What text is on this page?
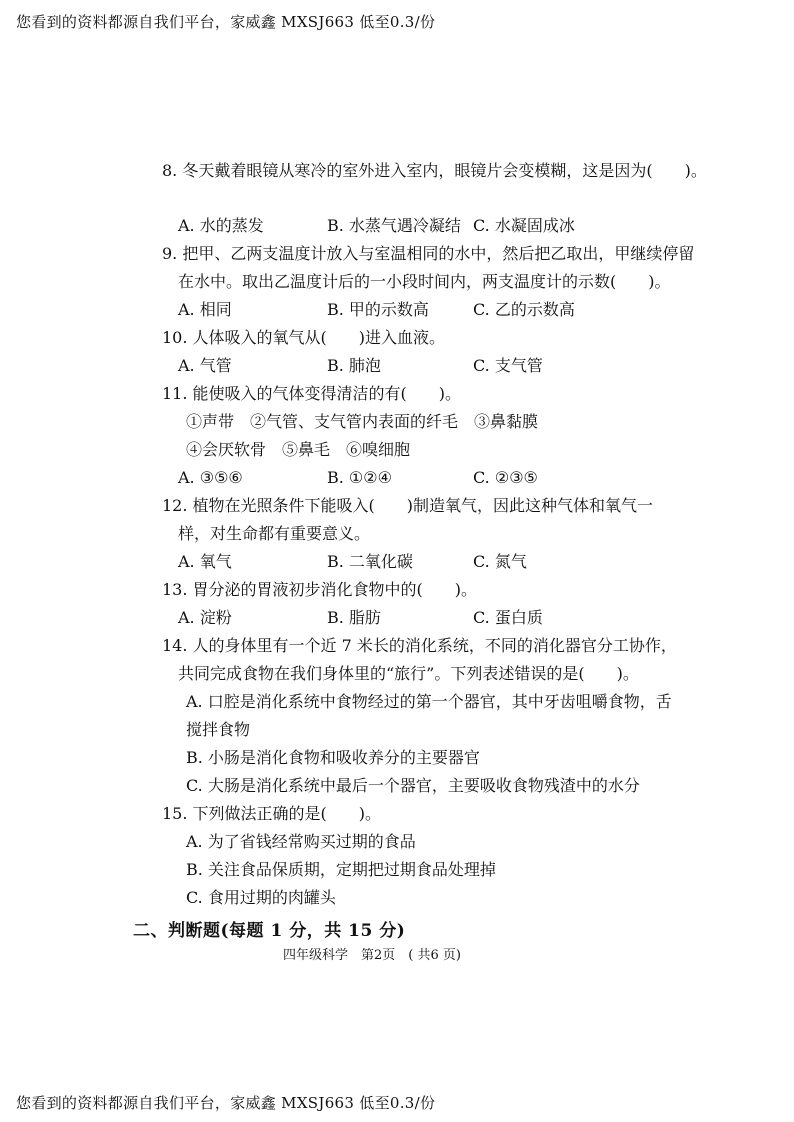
您看到的资料都源自我们平台，家威鑫 MXSJ663 低至0.3/份
8. 冬天戴着眼镜从寒冷的室外进入室内，眼镜片会变模糊，这是因为(　　)。
A. 水的蒸发	B. 水蒸气遇冷凝结 C. 水凝固成冰
9. 把甲、乙两支温度计放入与室温相同的水中，然后把乙取出，甲继续停留
在水中。取出乙温度计后的一小段时间内，两支温度计的示数(　　)。
A. 相同	B. 甲的示数高	C. 乙的示数高
10. 人体吸入的氧气从(　　)进入血液。
A. 气管	B. 肺泡	C. 支气管
11. 能使吸入的气体变得清洁的有(　　)。
①声带　②气管、支气管内表面的纤毛　③鼻黏膜
④会厌软骨　⑤鼻毛　⑥嗅细胞
A. ③⑤⑥	B. ①②④	C. ②③⑤
12. 植物在光照条件下能吸入(　　)制造氧气，因此这种气体和氧气一
样，对生命都有重要意义。
A. 氧气	B. 二氧化碳	C. 氮气
13. 胃分泌的胃液初步消化食物中的(　　)。
A. 淀粉	B. 脂肪	C. 蛋白质
14. 人的身体里有一个近 7 米长的消化系统，不同的消化器官分工协作，
共同完成食物在我们身体里的“旅行”。下列表述错误的是(　　)。
A. 口腔是消化系统中食物经过的第一个器官，其中牙齿咀嚼食物，舌
搅拌食物
B. 小肠是消化食物和吸收养分的主要器官
C. 大肠是消化系统中最后一个器官，主要吸收食物残渣中的水分
15. 下列做法正确的是(　　)。
A. 为了省钱经常购买过期的食品
B. 关注食品保质期，定期把过期食品处理掉
C. 食用过期的肉罐头
二、判断题(每题 1 分，共 15 分)
四年级科学　第2页　( 共6 页)
您看到的资料都源自我们平台，家威鑫 MXSJ663 低至0.3/份
